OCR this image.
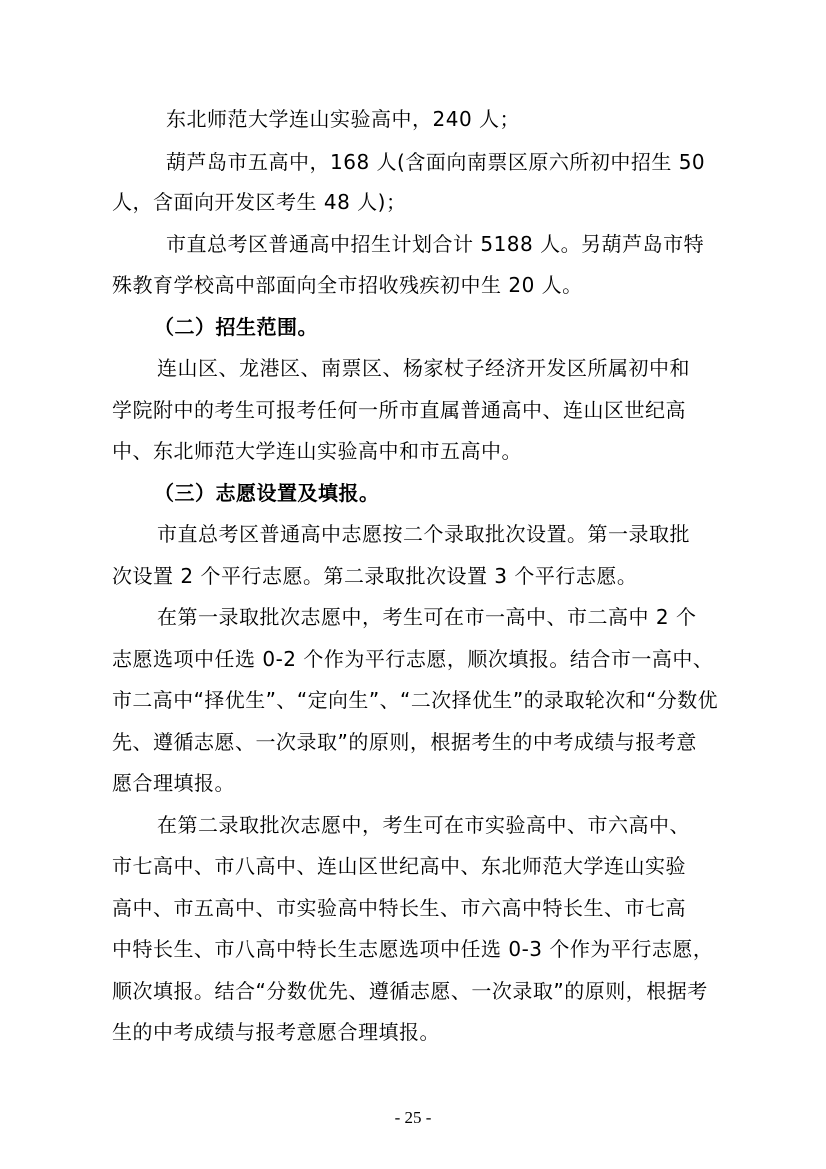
东北师范大学连山实验高中，240 人；
葫芦岛市五高中，168 人(含面向南票区原六所初中招生 50
人，含面向开发区考生 48 人)；
市直总考区普通高中招生计划合计 5188 人。另葫芦岛市特
殊教育学校高中部面向全市招收残疾初中生 20 人。
（二）招生范围。
连山区、龙港区、南票区、杨家杖子经济开发区所属初中和
学院附中的考生可报考任何一所市直属普通高中、连山区世纪高
中、东北师范大学连山实验高中和市五高中。
（三）志愿设置及填报。
市直总考区普通高中志愿按二个录取批次设置。第一录取批
次设置 2 个平行志愿。第二录取批次设置 3 个平行志愿。
在第一录取批次志愿中，考生可在市一高中、市二高中 2 个
志愿选项中任选 0-2 个作为平行志愿，顺次填报。结合市一高中、
市二高中“择优生”、“定向生”、“二次择优生”的录取轮次和“分数优
先、遵循志愿、一次录取”的原则，根据考生的中考成绩与报考意
愿合理填报。
在第二录取批次志愿中，考生可在市实验高中、市六高中、
市七高中、市八高中、连山区世纪高中、东北师范大学连山实验
高中、市五高中、市实验高中特长生、市六高中特长生、市七高
中特长生、市八高中特长生志愿选项中任选 0-3 个作为平行志愿，
顺次填报。结合“分数优先、遵循志愿、一次录取”的原则，根据考
生的中考成绩与报考意愿合理填报。
- 25 -
